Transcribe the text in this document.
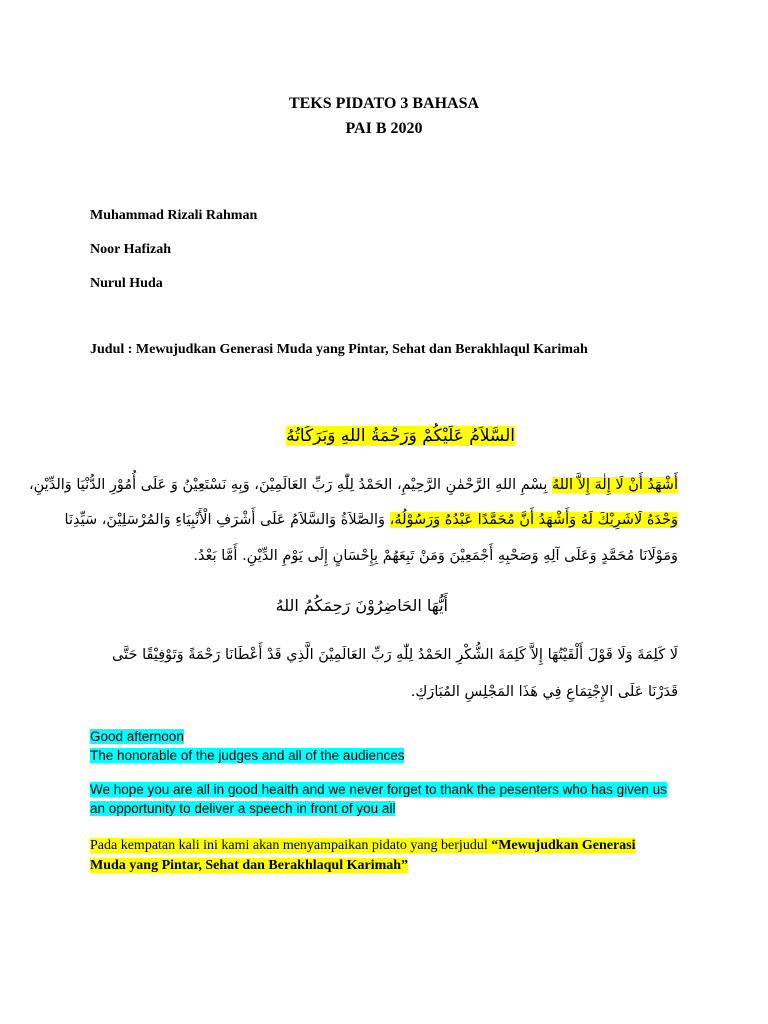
TEKS PIDATO 3 BAHASA
PAI B 2020
Muhammad Rizali Rahman
Noor Hafizah
Nurul Huda
Judul : Mewujudkan Generasi Muda yang Pintar, Sehat dan Berakhlaqul Karimah
السَّلاَمُ عَلَيْكُمْ وَرَحْمَةُ اللهِ وَبَرَكَاتُهُ
أَشْهَدُ أَنْ لَا إِلٰهَ إِلاَّ اللهُ بِسْمِ اللهِ الرَّحْمٰنِ الرَّحِيْمِ، الحَمْدُ لِلّٰهِ رَبِّ العَالَمِيْنَ، وَبِهِ نَسْتَعِيْنُ وَ عَلَى أُمُوْرِ الدُّنْيَا وَالدِّيْنِ،
وَحْدَهُ لَاشَرِيْكَ لَهُ وَأَشْهَدُ أَنَّ مُحَمَّدًا عَبْدُهُ وَرَسُوْلُهُ، وَالصَّلاَةُ وَالسَّلاَمُ عَلَى أَشْرَفِ الْأَنْبِيَاءِ وَالمُرْسَلِيْنَ، سَيِّدِنَا
وَمَوْلَانَا مُحَمَّدٍ وَعَلَى آلِهِ وَصَحْبِهِ أَجْمَعِيْنَ وَمَنْ تَبِعَهُمْ بِإِحْسَانٍ إِلَى يَوْمِ الدِّيْنِ. أَمَّا بَعْدُ.
أَيُّهَا الحَاضِرُوْنَ رَحِمَكُمُ اللهُ
لَا كَلِمَةَ وَلَا قَوْلَ أَلْقَيْتُهَا إِلاَّ كَلِمَةَ الشُّكْرِ الحَمْدُ لِلّٰهِ رَبِّ العَالَمِيْنَ الَّذِي قَدْ أَعْطَانَا رَحْمَةً وَتَوْفِيْقًا حَتَّى
قَدَرْنَا عَلَى الإِجْتِمَاعِ فِي هَذَا المَجْلِسِ المُبَارَكِ.
Good afternoon
The honorable of the judges and all of the audiences
We hope you are all in good health and we never forget to thank the pesenters who has given us
an opportunity to deliver a speech in front of you all
Pada kempatan kali ini kami akan menyampaikan pidato yang berjudul “Mewujudkan Generasi
Muda yang Pintar, Sehat dan Berakhlaqul Karimah”
